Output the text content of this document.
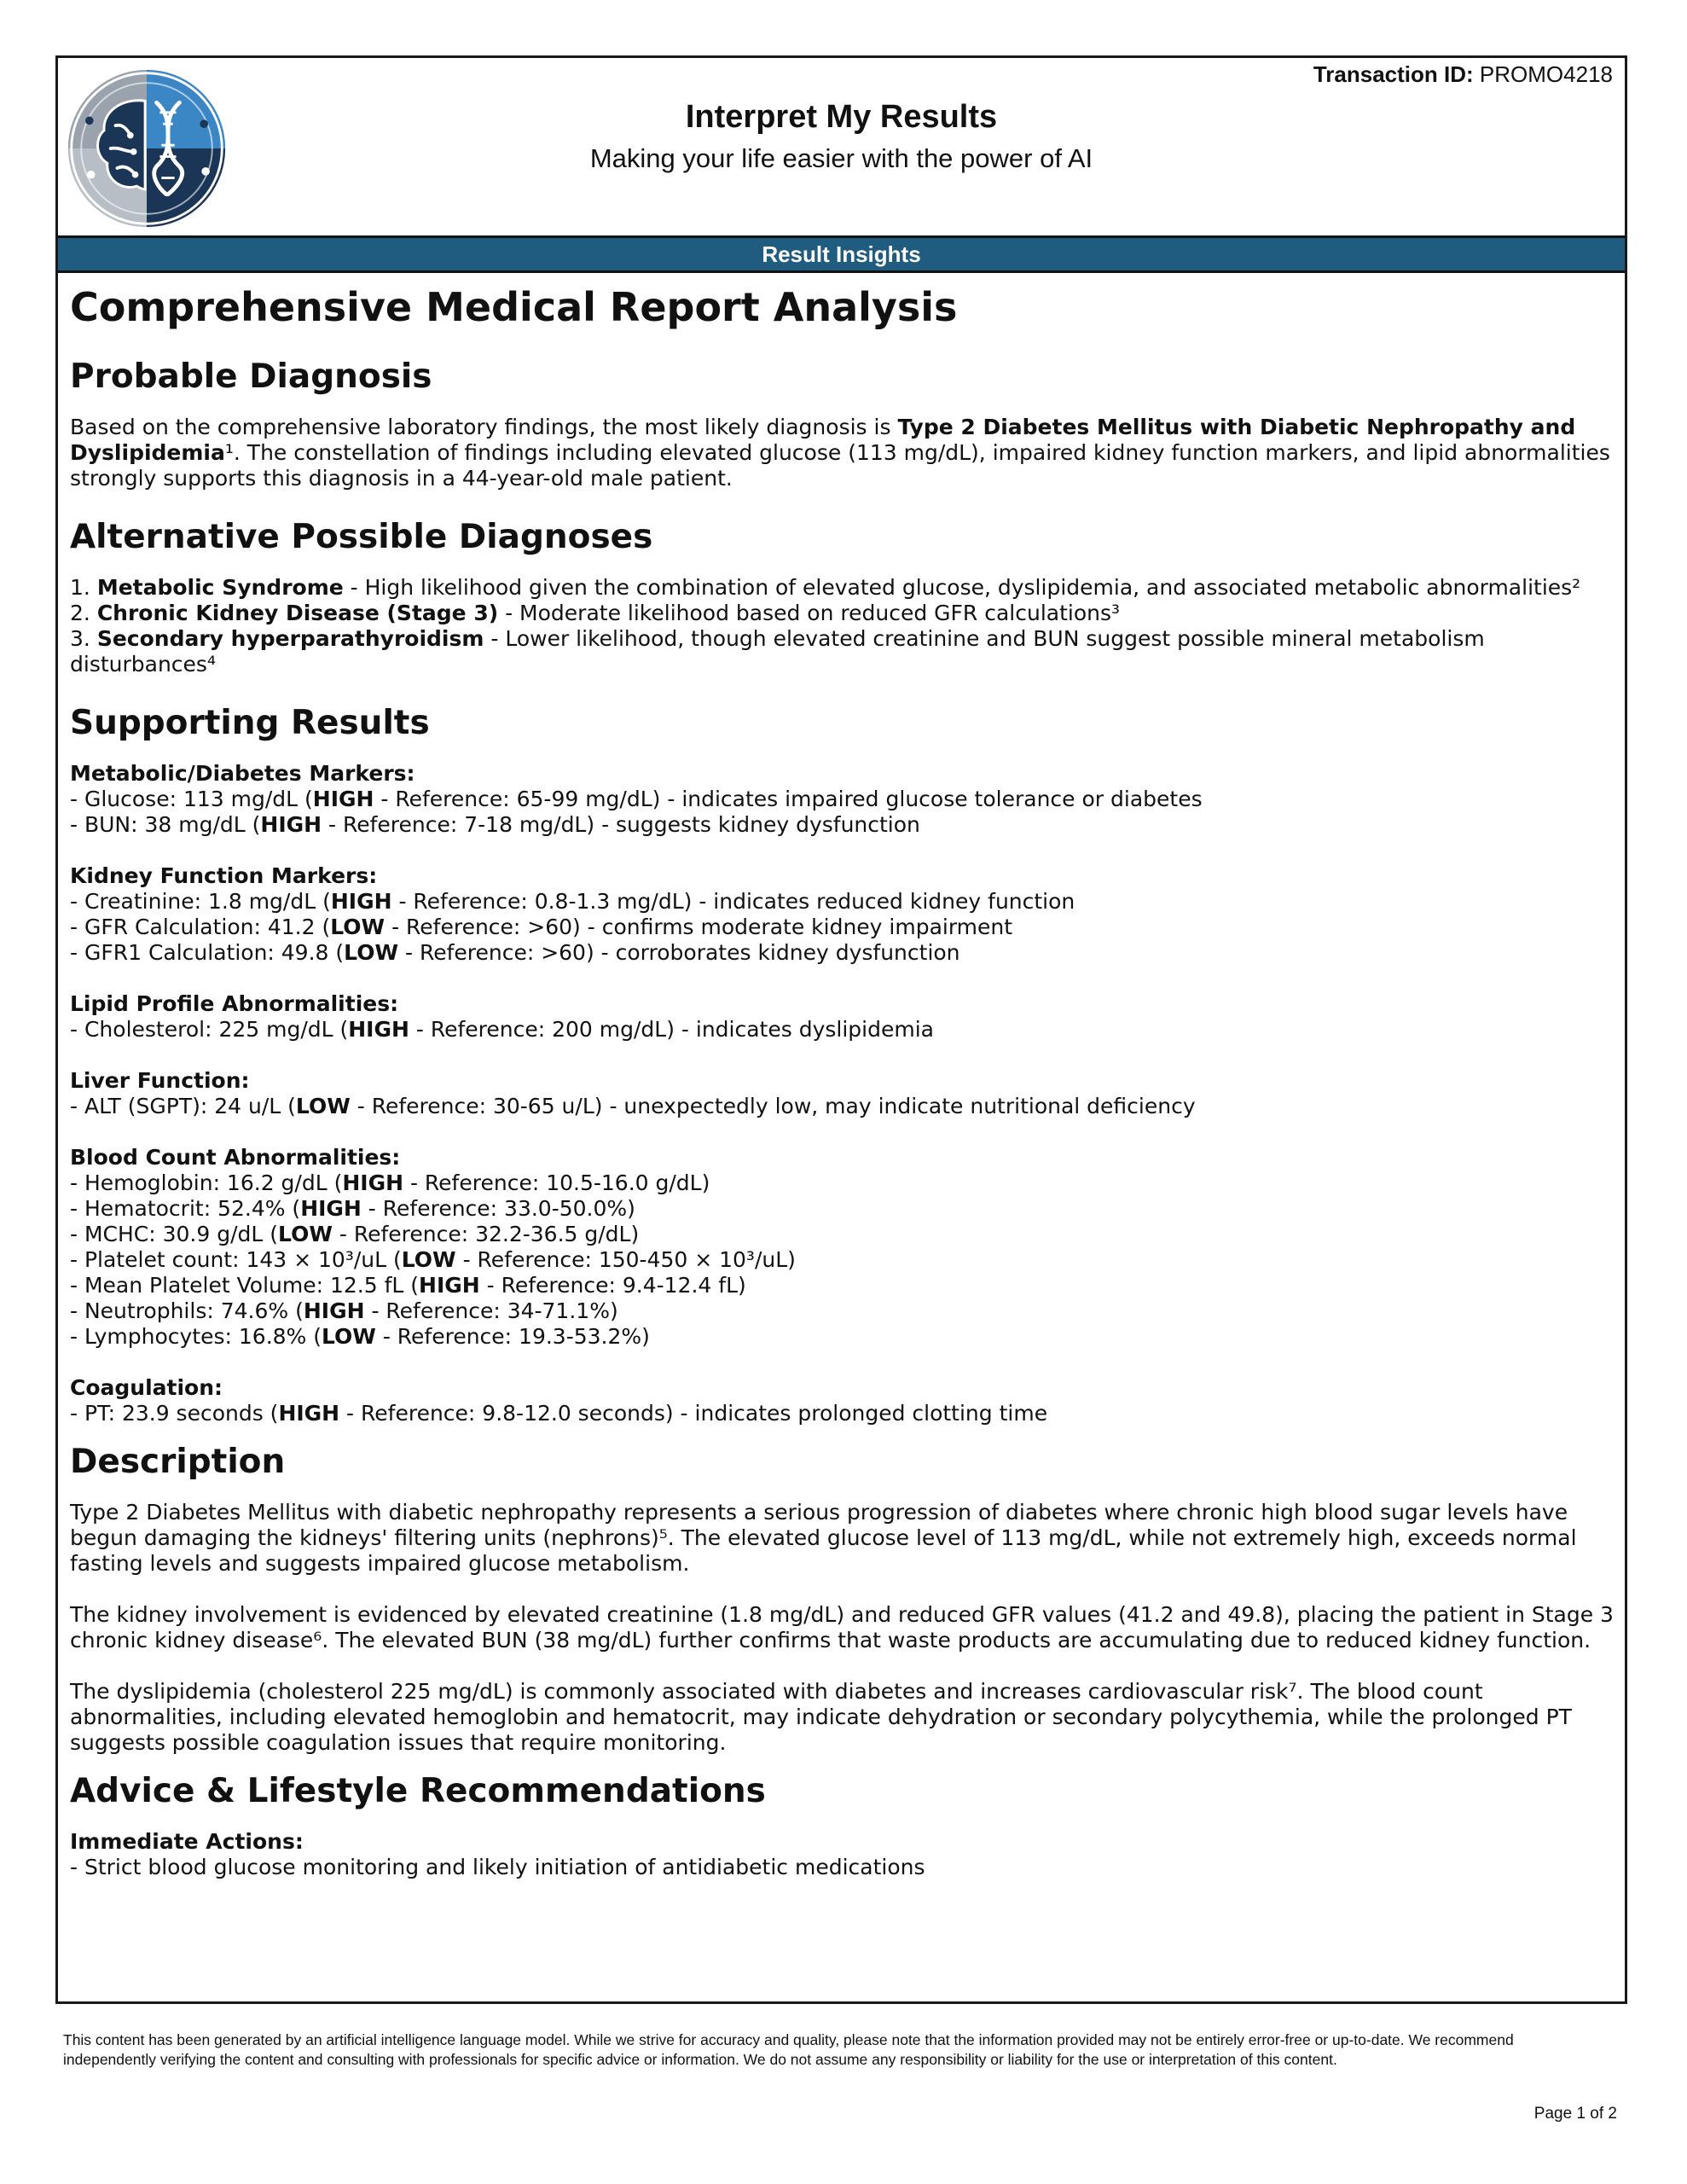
Transaction ID: PROMO4218
Interpret My Results
Making your life easier with the power of AI
Result Insights
Comprehensive Medical Report Analysis
Probable Diagnosis

Based on the comprehensive laboratory findings, the most likely diagnosis is Type 2 Diabetes Mellitus with Diabetic Nephropathy and Dyslipidemia¹. The constellation of findings including elevated glucose (113 mg/dL), impaired kidney function markers, and lipid abnormalities strongly supports this diagnosis in a 44-year-old male patient.

Alternative Possible Diagnoses

1. Metabolic Syndrome - High likelihood given the combination of elevated glucose, dyslipidemia, and associated metabolic abnormalities²

2. Chronic Kidney Disease (Stage 3) - Moderate likelihood based on reduced GFR calculations³

3. Secondary hyperparathyroidism - Lower likelihood, though elevated creatinine and BUN suggest possible mineral metabolism disturbances⁴

Supporting Results

Metabolic/Diabetes Markers:

- Glucose: 113 mg/dL (HIGH - Reference: 65-99 mg/dL) - indicates impaired glucose tolerance or diabetes

- BUN: 38 mg/dL (HIGH - Reference: 7-18 mg/dL) - suggests kidney dysfunction

Kidney Function Markers:

- Creatinine: 1.8 mg/dL (HIGH - Reference: 0.8-1.3 mg/dL) - indicates reduced kidney function

- GFR Calculation: 41.2 (LOW - Reference: >60) - confirms moderate kidney impairment

- GFR1 Calculation: 49.8 (LOW - Reference: >60) - corroborates kidney dysfunction

Lipid Profile Abnormalities:

- Cholesterol: 225 mg/dL (HIGH - Reference: 200 mg/dL) - indicates dyslipidemia

Liver Function:

- ALT (SGPT): 24 u/L (LOW - Reference: 30-65 u/L) - unexpectedly low, may indicate nutritional deficiency

Blood Count Abnormalities:

- Hemoglobin: 16.2 g/dL (HIGH - Reference: 10.5-16.0 g/dL)

- Hematocrit: 52.4% (HIGH - Reference: 33.0-50.0%)

- MCHC: 30.9 g/dL (LOW - Reference: 32.2-36.5 g/dL)

- Platelet count: 143 × 10³/uL (LOW - Reference: 150-450 × 10³/uL)

- Mean Platelet Volume: 12.5 fL (HIGH - Reference: 9.4-12.4 fL)

- Neutrophils: 74.6% (HIGH - Reference: 34-71.1%)

- Lymphocytes: 16.8% (LOW - Reference: 19.3-53.2%)

Coagulation:

- PT: 23.9 seconds (HIGH - Reference: 9.8-12.0 seconds) - indicates prolonged clotting time

Description

Type 2 Diabetes Mellitus with diabetic nephropathy represents a serious progression of diabetes where chronic high blood sugar levels have begun damaging the kidneys' filtering units (nephrons)⁵. The elevated glucose level of 113 mg/dL, while not extremely high, exceeds normal fasting levels and suggests impaired glucose metabolism.

The kidney involvement is evidenced by elevated creatinine (1.8 mg/dL) and reduced GFR values (41.2 and 49.8), placing the patient in Stage 3 chronic kidney disease⁶. The elevated BUN (38 mg/dL) further confirms that waste products are accumulating due to reduced kidney function.

The dyslipidemia (cholesterol 225 mg/dL) is commonly associated with diabetes and increases cardiovascular risk⁷. The blood count abnormalities, including elevated hemoglobin and hematocrit, may indicate dehydration or secondary polycythemia, while the prolonged PT suggests possible coagulation issues that require monitoring.

Advice & Lifestyle Recommendations

Immediate Actions:

- Strict blood glucose monitoring and likely initiation of antidiabetic medications

This content has been generated by an artificial intelligence language model. While we strive for accuracy and quality, please note that the information provided may not be entirely error-free or up-to-date. We recommend independently verifying the content and consulting with professionals for specific advice or information. We do not assume any responsibility or liability for the use or interpretation of this content.
Page 1 of 2
